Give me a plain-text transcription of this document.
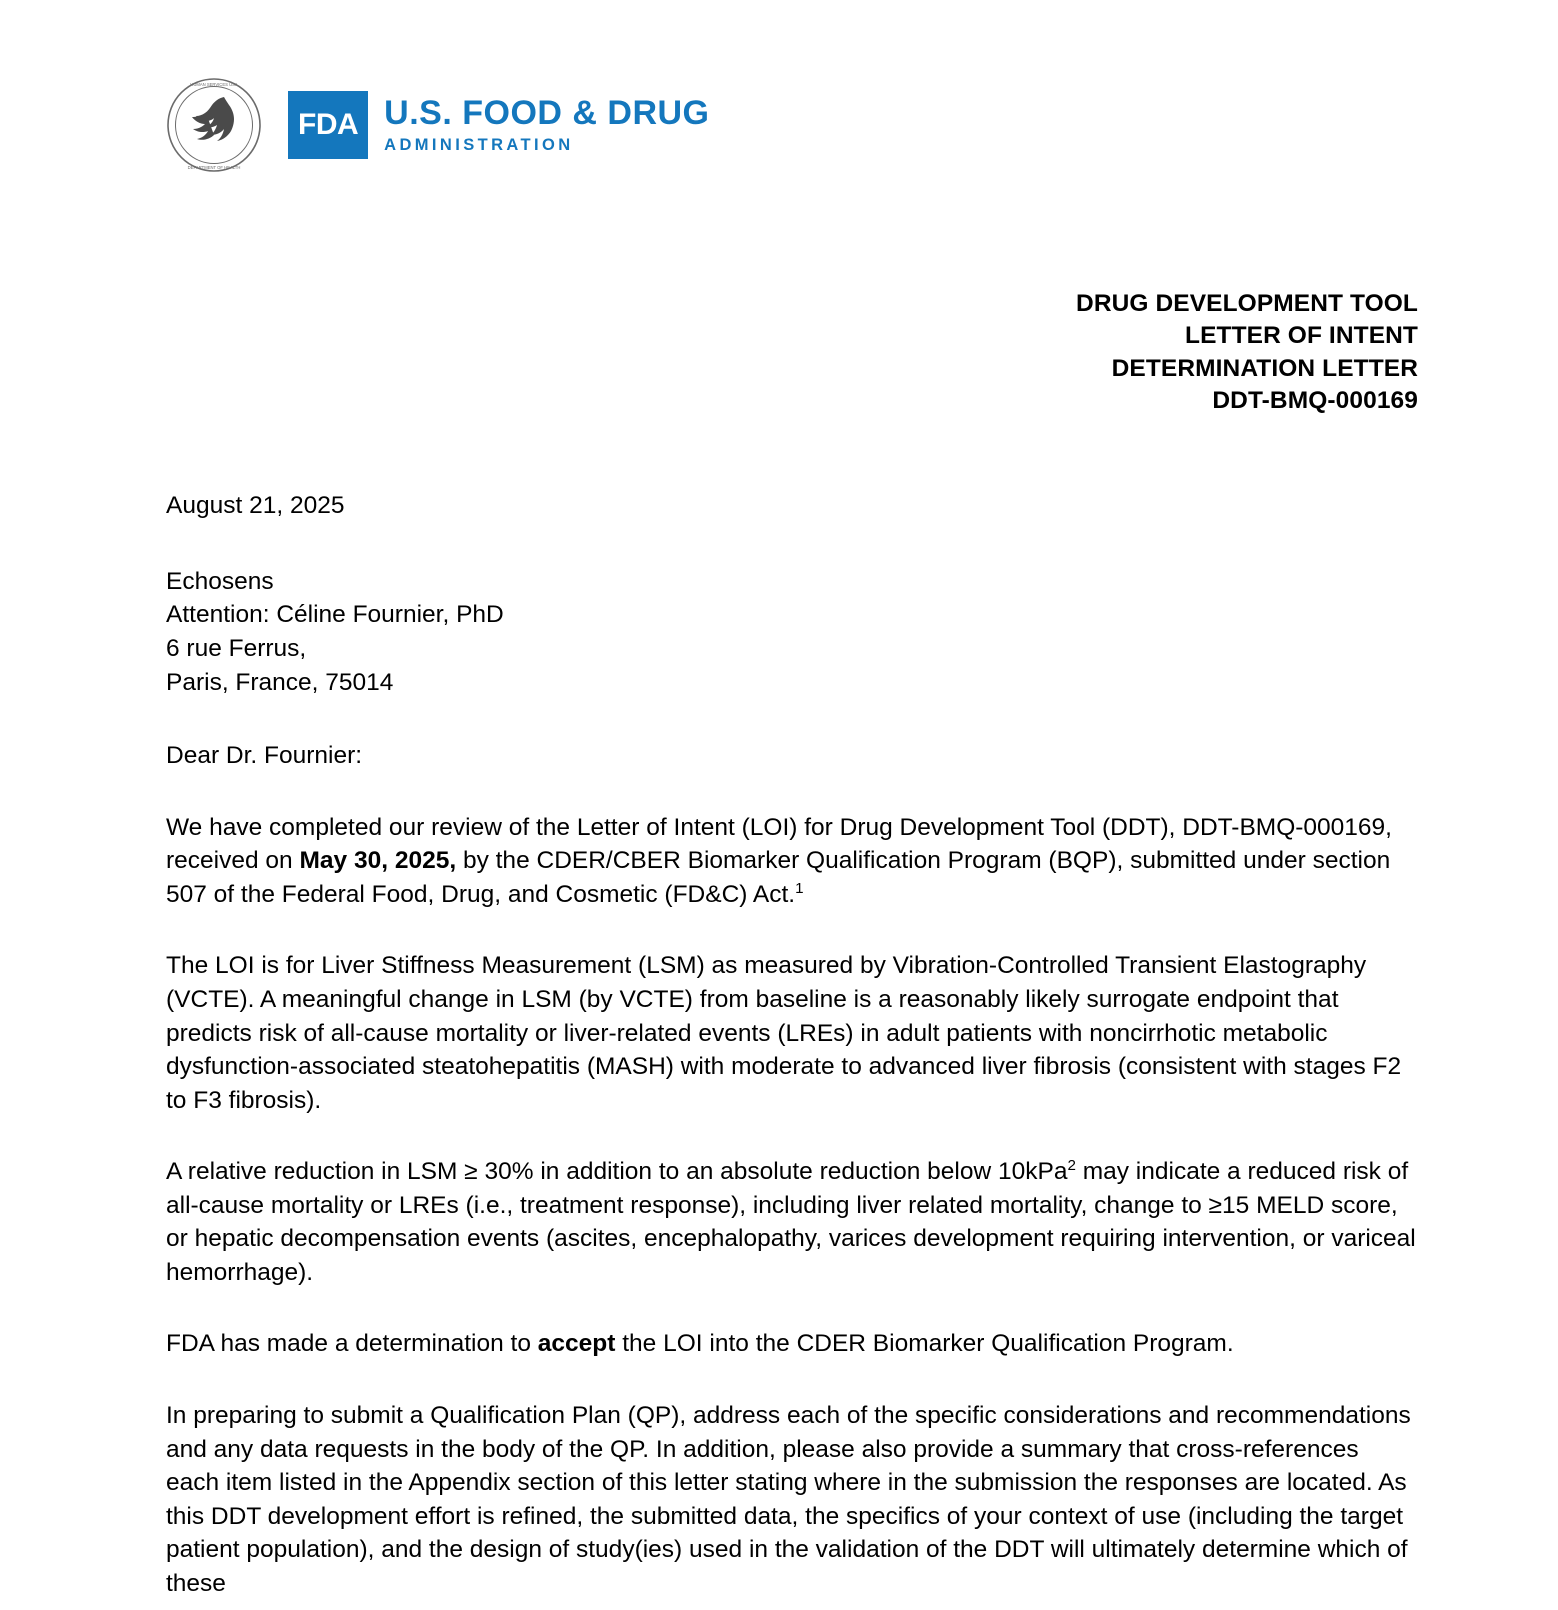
HUMAN SERVICES USA
DEPARTMENT OF HEALTH
FDA U.S. FOOD & DRUG
ADMINISTRATION
DRUG DEVELOPMENT TOOL
LETTER OF INTENT
DETERMINATION LETTER
DDT-BMQ-000169
August 21, 2025
Echosens
Attention: Céline Fournier, PhD
6 rue Ferrus,
Paris, France, 75014
Dear Dr. Fournier:

We have completed our review of the Letter of Intent (LOI) for Drug Development Tool (DDT), DDT-BMQ-000169, received on May 30, 2025, by the CDER/CBER Biomarker Qualification Program (BQP), submitted under section 507 of the Federal Food, Drug, and Cosmetic (FD&C) Act.$^1$

The LOI is for Liver Stiffness Measurement (LSM) as measured by Vibration-Controlled Transient Elastography (VCTE). A meaningful change in LSM (by VCTE) from baseline is a reasonably likely surrogate endpoint that predicts risk of all-cause mortality or liver-related events (LREs) in adult patients with noncirrhotic metabolic dysfunction-associated steatohepatitis (MASH) with moderate to advanced liver fibrosis (consistent with stages F2 to F3 fibrosis).

A relative reduction in LSM ≥ 30% in addition to an absolute reduction below 10kPa$^2$ may indicate a reduced risk of all-cause mortality or LREs (i.e., treatment response), including liver related mortality, change to ≥15 MELD score, or hepatic decompensation events (ascites, encephalopathy, varices development requiring intervention, or variceal hemorrhage).

FDA has made a determination to accept the LOI into the CDER Biomarker Qualification Program.

In preparing to submit a Qualification Plan (QP), address each of the specific considerations and recommendations and any data requests in the body of the QP. In addition, please also provide a summary that cross-references each item listed in the Appendix section of this letter stating where in the submission the responses are located. As this DDT development effort is refined, the submitted data, the specifics of your context of use (including the target patient population), and the design of study(ies) used in the validation of the DDT will ultimately determine which of these
